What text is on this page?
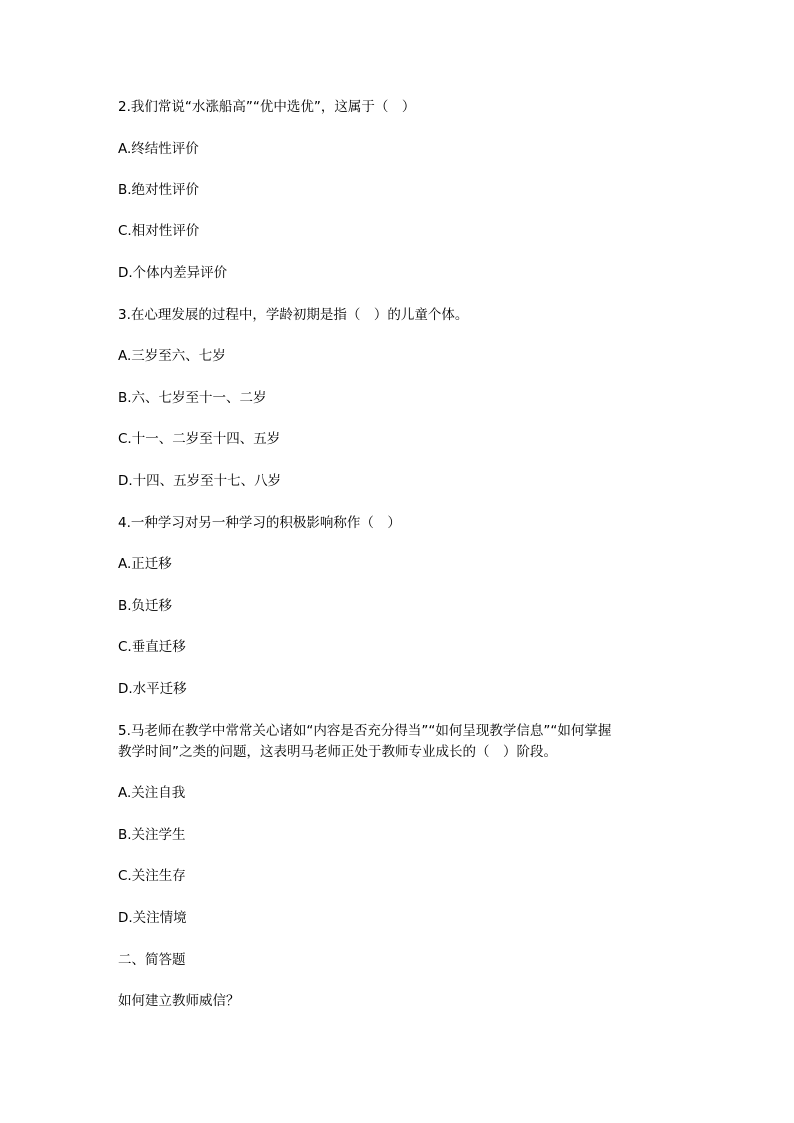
2.我们常说“水涨船高”“优中选优”，这属于（　）
A.终结性评价
B.绝对性评价
C.相对性评价
D.个体内差异评价
3.在心理发展的过程中，学龄初期是指（　）的儿童个体。
A.三岁至六、七岁
B.六、七岁至十一、二岁
C.十一、二岁至十四、五岁
D.十四、五岁至十七、八岁
4.一种学习对另一种学习的积极影响称作（　）
A.正迁移
B.负迁移
C.垂直迁移
D.水平迁移
5.马老师在教学中常常关心诸如“内容是否充分得当”“如何呈现教学信息”“如何掌握
教学时间”之类的问题，这表明马老师正处于教师专业成长的（　）阶段。
A.关注自我
B.关注学生
C.关注生存
D.关注情境
二、简答题
如何建立教师威信？
